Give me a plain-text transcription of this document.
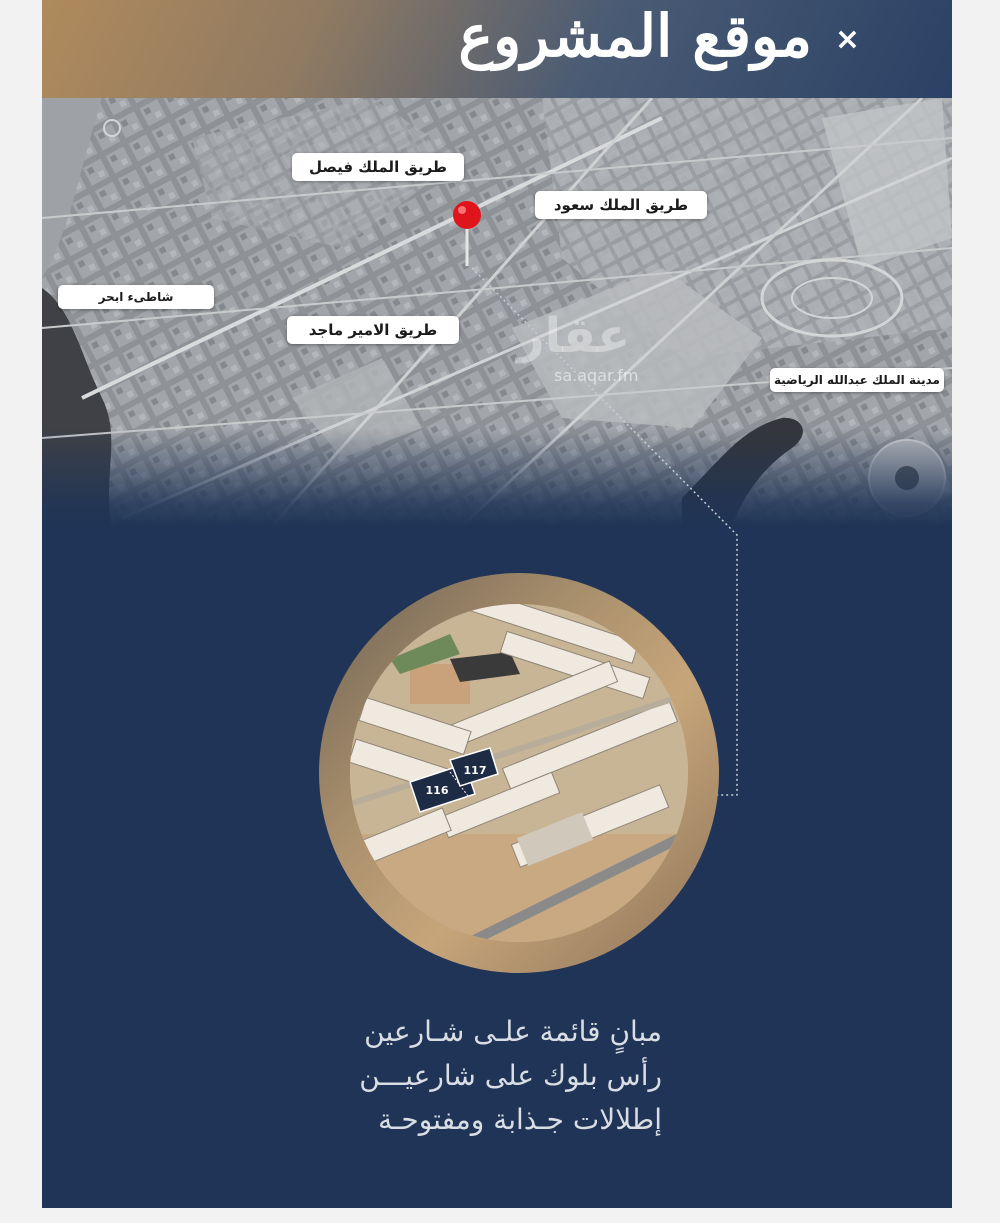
موقع المشروع ×
عقار
sa.aqar.fm
طريق الملك فيصل
طريق الملك سعود
شاطىء ابحر
طريق الامير ماجد
مدينة الملك عبدالله الرياضية
117
116
مبانٍ قائمة علـى شـارعين
رأس بلوك على شارعيـــن
إطلالات جـذابة ومفتوحـة
